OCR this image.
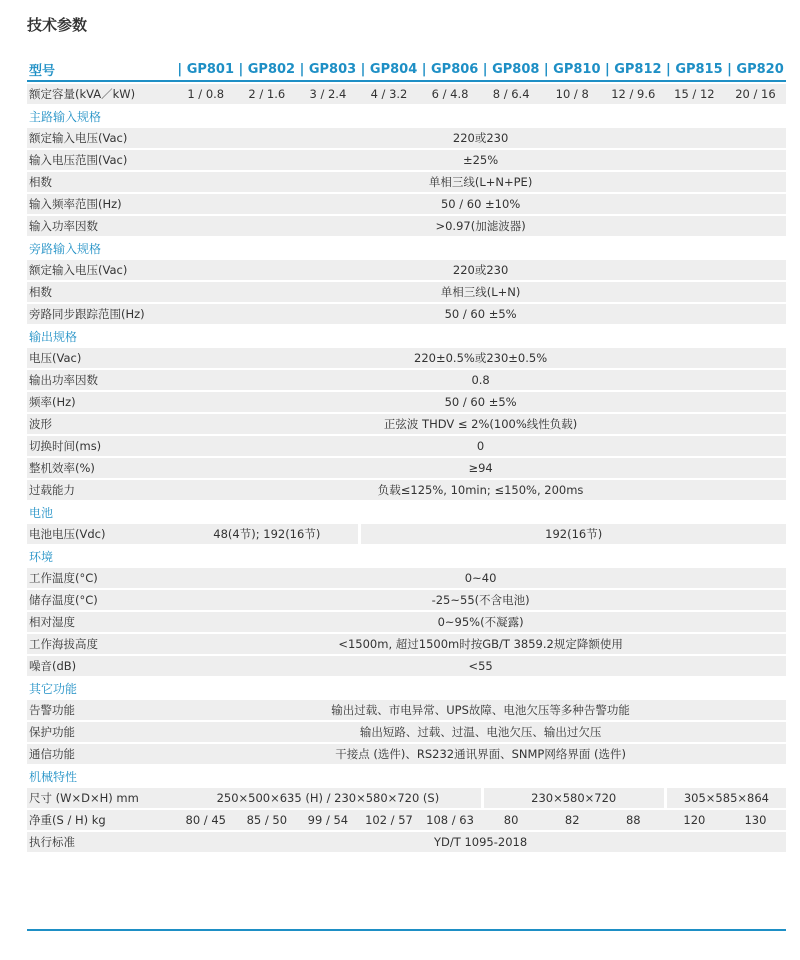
技术参数
型号	| GP801	| GP802	| GP803	| GP804	| GP806	| GP808	| GP810	| GP812	| GP815	| GP820
额定容量(kVA／kW)	1 / 0.8	2 / 1.6	3 / 2.4	4 / 3.2	6 / 4.8	8 / 6.4	10 / 8	12 / 9.6	15 / 12	20 / 16
主路输入规格										
额定输入电压(Vac)	220或230									
输入电压范围(Vac)	±25%									
相数	单相三线(L+N+PE)									
输入频率范围(Hz)	50 / 60 ±10%									
输入功率因数	>0.97(加滤波器)									
旁路输入规格										
额定输入电压(Vac)	220或230									
相数	单相三线(L+N)									
旁路同步跟踪范围(Hz)	50 / 60 ±5%									
输出规格										
电压(Vac)	220±0.5%或230±0.5%									
输出功率因数	0.8									
频率(Hz)	50 / 60 ±5%									
波形	正弦波 THDV ≤ 2%(100%线性负载)									
切换时间(ms)	0									
整机效率(%)	≥94									
过载能力	负载≤125%, 10min; ≤150%, 200ms									
电池										
电池电压(Vdc)	48(4节); 192(16节)			192(16节)						
环境										
工作温度(°C)	0~40									
储存温度(°C)	-25~55(不含电池)									
相对湿度	0~95%(不凝露)									
工作海拔高度	<1500m, 超过1500m时按GB/T 3859.2规定降额使用									
噪音(dB)	<55									
其它功能										
告警功能	输出过载、市电异常、UPS故障、电池欠压等多种告警功能									
保护功能	输出短路、过载、过温、电池欠压、输出过欠压									
通信功能	干接点 (选件)、RS232通讯界面、SNMP网络界面 (选件)									
机械特性										
尺寸 (W×D×H) mm	250×500×635 (H) / 230×580×720 (S)					230×580×720			305×585×864	
净重(S / H) kg	80 / 45	85 / 50	99 / 54	102 / 57	108 / 63	80	82	88	120	130
执行标准	YD/T 1095-2018									
